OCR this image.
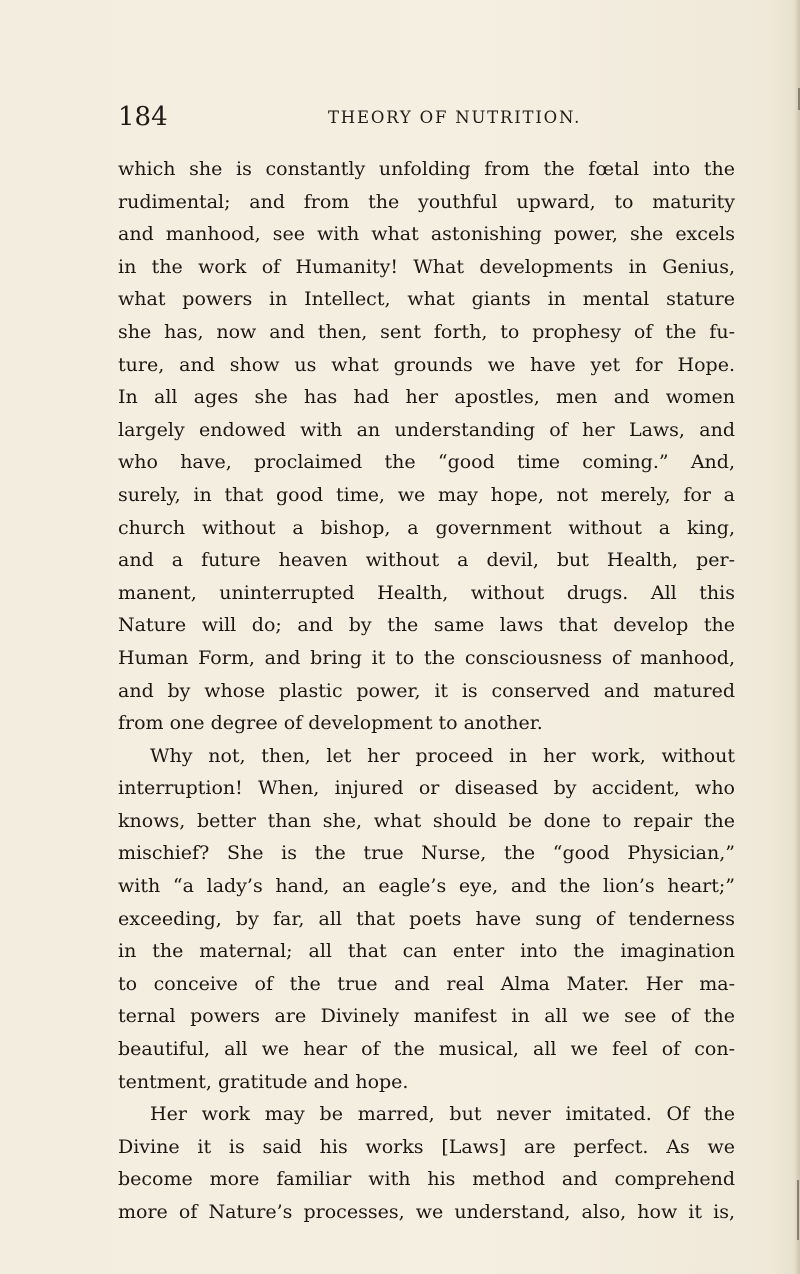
184	THEORY OF NUTRITION.
which she is constantly unfolding from the fœtal into the
rudimental; and from the youthful upward, to maturity
and manhood, see with what astonishing power, she excels
in the work of Humanity! What developments in Genius,
what powers in Intellect, what giants in mental stature
she has, now and then, sent forth, to prophesy of the fu-
ture, and show us what grounds we have yet for Hope.
In all ages she has had her apostles, men and women
largely endowed with an understanding of her Laws, and
who have, proclaimed the “good time coming.” And,
surely, in that good time, we may hope, not merely, for a
church without a bishop, a government without a king,
and a future heaven without a devil, but Health, per-
manent, uninterrupted Health, without drugs. All this
Nature will do; and by the same laws that develop the
Human Form, and bring it to the consciousness of manhood,
and by whose plastic power, it is conserved and matured
from one degree of development to another.
Why not, then, let her proceed in her work, without
interruption! When, injured or diseased by accident, who
knows, better than she, what should be done to repair the
mischief? She is the true Nurse, the “good Physician,”
with “a lady’s hand, an eagle’s eye, and the lion’s heart;”
exceeding, by far, all that poets have sung of tenderness
in the maternal; all that can enter into the imagination
to conceive of the true and real Alma Mater. Her ma-
ternal powers are Divinely manifest in all we see of the
beautiful, all we hear of the musical, all we feel of con-
tentment, gratitude and hope.
Her work may be marred, but never imitated. Of the
Divine it is said his works [Laws] are perfect. As we
become more familiar with his method and comprehend
more of Nature’s processes, we understand, also, how it is,
